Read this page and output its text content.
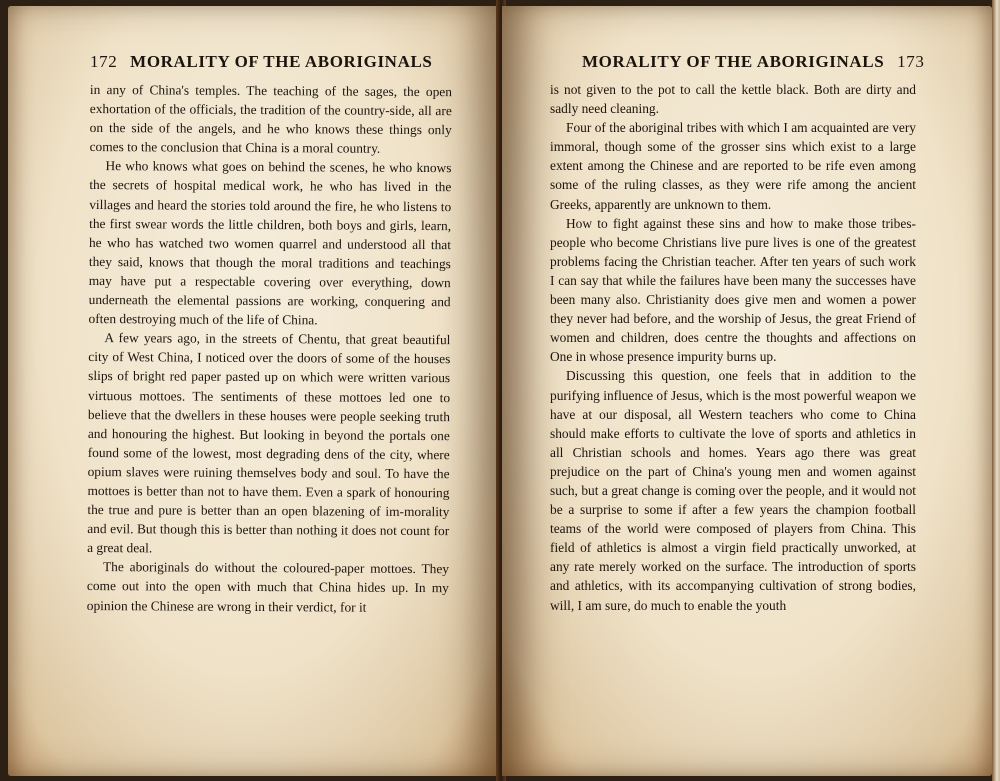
172 MORALITY OF THE ABORIGINALS

in any of China's temples. The teaching of the sages, the open exhortation of the officials, the tradition of the country-side, all are on the side of the angels, and he who knows these things only comes to the conclusion that China is a moral country.

He who knows what goes on behind the scenes, he who knows the secrets of hospital medical work, he who has lived in the villages and heard the stories told around the fire, he who listens to the first swear words the little children, both boys and girls, learn, he who has watched two women quarrel and understood all that they said, knows that though the moral traditions and teachings may have put a respectable covering over everything, down underneath the elemental passions are working, conquering and often destroying much of the life of China.

A few years ago, in the streets of Chentu, that great beautiful city of West China, I noticed over the doors of some of the houses slips of bright red paper pasted up on which were written various virtuous mottoes. The sentiments of these mottoes led one to believe that the dwellers in these houses were people seeking truth and honouring the highest. But looking in beyond the portals one found some of the lowest, most degrading dens of the city, where opium slaves were ruining themselves body and soul. To have the mottoes is better than not to have them. Even a spark of honouring the true and pure is better than an open blazening of im-morality and evil. But though this is better than nothing it does not count for a great deal.

The aboriginals do without the coloured-paper mottoes. They come out into the open with much that China hides up. In my opinion the Chinese are wrong in their verdict, for it

MORALITY OF THE ABORIGINALS 173

is not given to the pot to call the kettle black. Both are dirty and sadly need cleaning.

Four of the aboriginal tribes with which I am acquainted are very immoral, though some of the grosser sins which exist to a large extent among the Chinese and are reported to be rife even among some of the ruling classes, as they were rife among the ancient Greeks, apparently are unknown to them.

How to fight against these sins and how to make those tribes-people who become Christians live pure lives is one of the greatest problems facing the Christian teacher. After ten years of such work I can say that while the failures have been many the successes have been many also. Christianity does give men and women a power they never had before, and the worship of Jesus, the great Friend of women and children, does centre the thoughts and affections on One in whose presence impurity burns up.

Discussing this question, one feels that in addition to the purifying influence of Jesus, which is the most powerful weapon we have at our disposal, all Western teachers who come to China should make efforts to cultivate the love of sports and athletics in all Christian schools and homes. Years ago there was great prejudice on the part of China's young men and women against such, but a great change is coming over the people, and it would not be a surprise to some if after a few years the champion football teams of the world were composed of players from China. This field of athletics is almost a virgin field practically unworked, at any rate merely worked on the surface. The introduction of sports and athletics, with its accompanying cultivation of strong bodies, will, I am sure, do much to enable the youth
